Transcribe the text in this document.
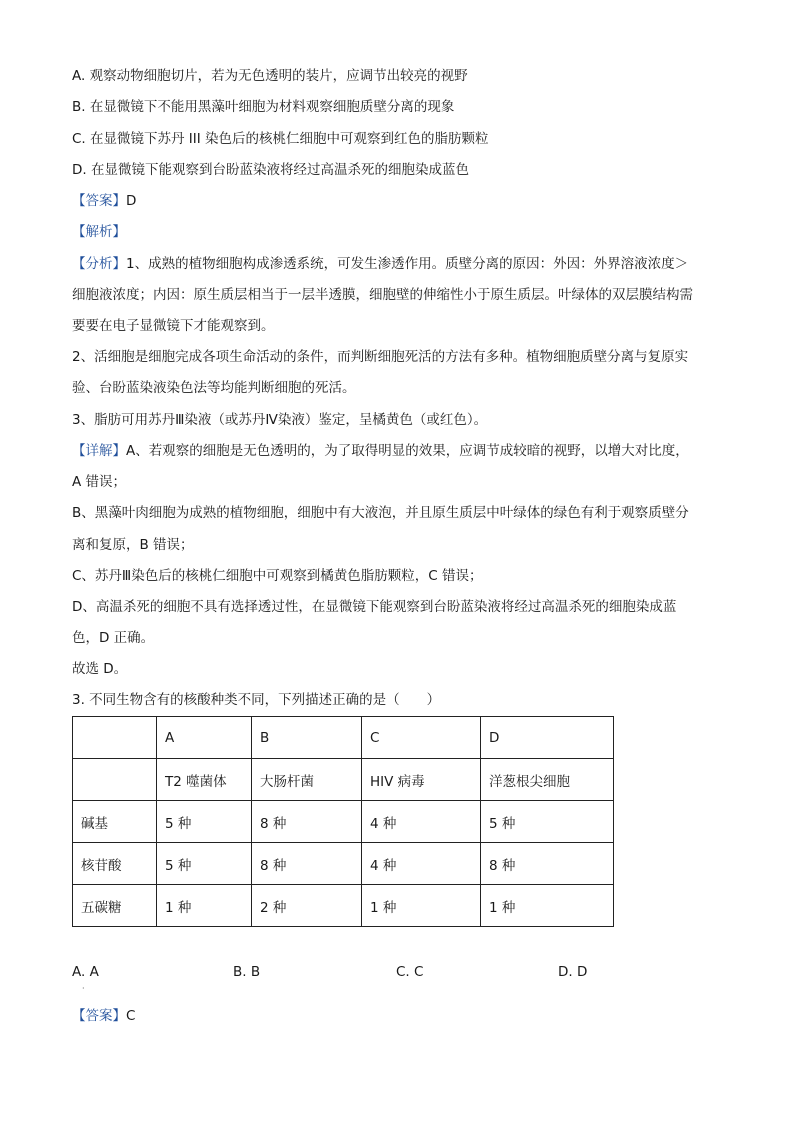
A. 观察动物细胞切片，若为无色透明的装片，应调节出较亮的视野
B. 在显微镜下不能用黑藻叶细胞为材料观察细胞质壁分离的现象
C. 在显微镜下苏丹 III 染色后的核桃仁细胞中可观察到红色的脂肪颗粒
D. 在显微镜下能观察到台盼蓝染液将经过高温杀死的细胞染成蓝色
【答案】D
【解析】
【分析】1、成熟的植物细胞构成渗透系统，可发生渗透作用。质壁分离的原因：外因：外界溶液浓度＞
细胞液浓度；内因：原生质层相当于一层半透膜，细胞壁的伸缩性小于原生质层。叶绿体的双层膜结构需
要要在电子显微镜下才能观察到。
2、活细胞是细胞完成各项生命活动的条件，而判断细胞死活的方法有多种。植物细胞质壁分离与复原实
验、台盼蓝染液染色法等均能判断细胞的死活。
3、脂肪可用苏丹Ⅲ染液（或苏丹Ⅳ染液）鉴定，呈橘黄色（或红色）。
【详解】A、若观察的细胞是无色透明的，为了取得明显的效果，应调节成较暗的视野，以增大对比度，
A 错误；
B、黑藻叶肉细胞为成熟的植物细胞，细胞中有大液泡，并且原生质层中叶绿体的绿色有利于观察质壁分
离和复原，B 错误；
C、苏丹Ⅲ染色后的核桃仁细胞中可观察到橘黄色脂肪颗粒，C 错误；
D、高温杀死的细胞不具有选择透过性，在显微镜下能观察到台盼蓝染液将经过高温杀死的细胞染成蓝
色，D 正确。
故选 D。
3. 不同生物含有的核酸种类不同，下列描述正确的是（　　）
	A	B	C	D
	T2 噬菌体	大肠杆菌	HIV 病毒	洋葱根尖细胞
碱基	5 种	8 种	4 种	5 种
核苷酸	5 种	8 种	4 种	8 种
五碳糖	1 种	2 种	1 种	1 种
A. A	B. B	C. C	D. D
·
【答案】C
